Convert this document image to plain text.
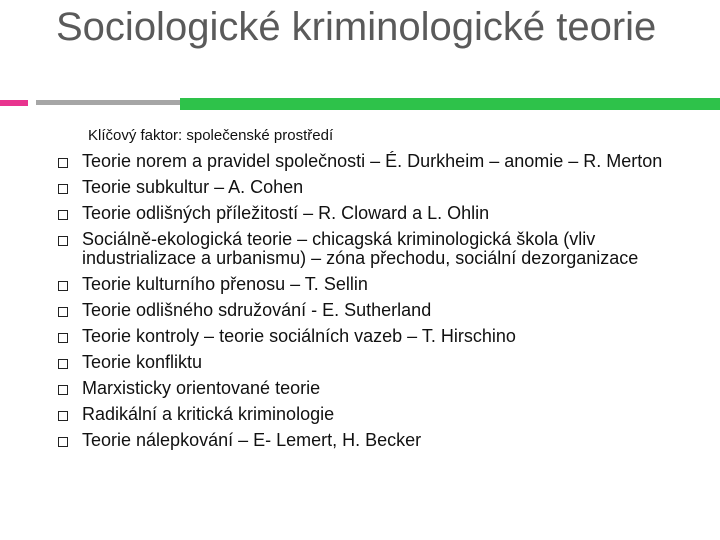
Sociologické kriminologické teorie
Klíčový faktor: společenské prostředí
Teorie norem a pravidel společnosti – É. Durkheim – anomie – R. Merton
Teorie subkultur – A. Cohen
Teorie odlišných příležitostí – R. Cloward a L. Ohlin
Sociálně-ekologická teorie – chicagská kriminologická škola (vliv industrializace a urbanismu) – zóna přechodu, sociální dezorganizace
Teorie kulturního přenosu – T. Sellin
Teorie odlišného sdružování - E. Sutherland
Teorie kontroly – teorie sociálních vazeb – T. Hirschino
Teorie konfliktu
Marxisticky orientované teorie
Radikální a kritická kriminologie
Teorie nálepkování – E- Lemert, H. Becker
